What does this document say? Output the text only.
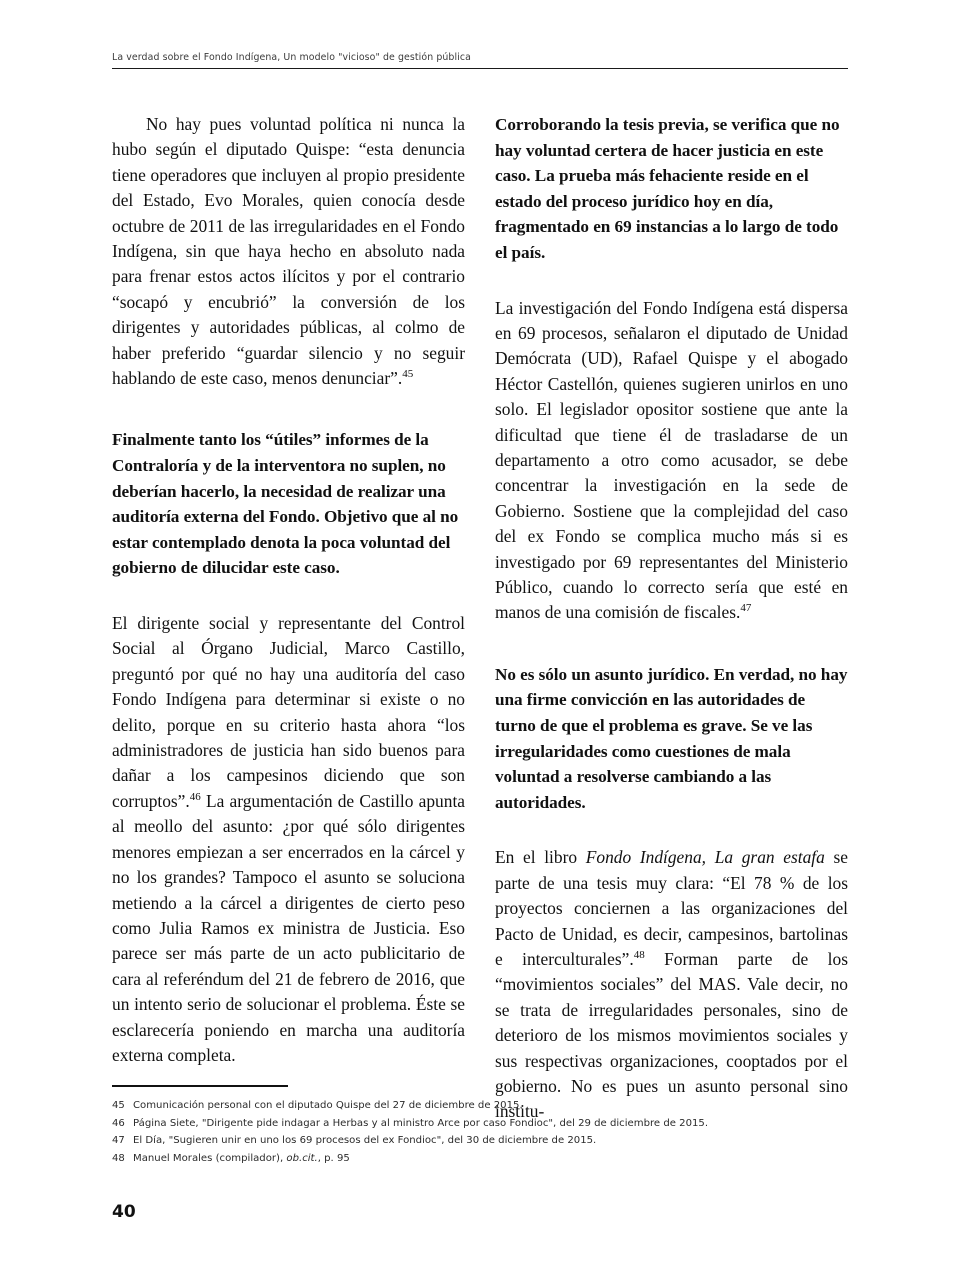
La verdad sobre el Fondo Indígena, Un modelo "vicioso" de gestión pública

No hay pues voluntad política ni nunca la hubo según el diputado Quispe: “esta denuncia tiene operadores que incluyen al propio presidente del Estado, Evo Morales, quien conocía desde octubre de 2011 de las irregularidades en el Fondo Indígena, sin que haya hecho en absoluto nada para frenar estos actos ilícitos y por el contrario “socapó y encubrió” la conversión de los dirigentes y autoridades públicas, al colmo de haber preferido “guardar silencio y no seguir hablando de este caso, menos denunciar”.$^{45}$

Finalmente tanto los “útiles” informes de la Contraloría y de la interventora no suplen, no deberían hacerlo, la necesidad de realizar una auditoría externa del Fondo. Objetivo que al no estar contemplado denota la poca voluntad del gobierno de dilucidar este caso.

El dirigente social y representante del Control Social al Órgano Judicial, Marco Castillo, preguntó por qué no hay una auditoría del caso Fondo Indígena para determinar si existe o no delito, porque en su criterio hasta ahora “los administradores de justicia han sido buenos para dañar a los campesinos diciendo que son corruptos”.$^{46}$ La argumentación de Castillo apunta al meollo del asunto: ¿por qué sólo dirigentes menores empiezan a ser encerrados en la cárcel y no los grandes? Tampoco el asunto se soluciona metiendo a la cárcel a dirigentes de cierto peso como Julia Ramos ex ministra de Justicia. Eso parece ser más parte de un acto publicitario de cara al referéndum del 21 de febrero de 2016, que un intento serio de solucionar el problema. Éste se esclarecería poniendo en marcha una auditoría externa completa.

Corroborando la tesis previa, se verifica que no hay voluntad certera de hacer justicia en este caso. La prueba más fehaciente reside en el estado del proceso jurídico hoy en día, fragmentado en 69 instancias a lo largo de todo el país.

La investigación del Fondo Indígena está dispersa en 69 procesos, señalaron el diputado de Unidad Demócrata (UD), Rafael Quispe y el abogado Héctor Castellón, quienes sugieren unirlos en uno solo. El legislador opositor sostiene que ante la dificultad que tiene él de trasladarse de un departamento a otro como acusador, se debe concentrar la investigación en la sede de Gobierno. Sostiene que la complejidad del caso del ex Fondo se complica mucho más si es investigado por 69 representantes del Ministerio Público, cuando lo correcto sería que esté en manos de una comisión de fiscales.$^{47}$

No es sólo un asunto jurídico. En verdad, no hay una firme convicción en las autoridades de turno de que el problema es grave. Se ve las irregularidades como cuestiones de mala voluntad a resolverse cambiando a las autoridades.

En el libro Fondo Indígena, La gran estafa se parte de una tesis muy clara: “El 78 % de los proyectos conciernen a las organizaciones del Pacto de Unidad, es decir, campesinos, bartolinas e interculturales”.$^{48}$ Forman parte de los “movimientos sociales” del MAS. Vale decir, no se trata de irregularidades personales, sino de deterioro de los mismos movimientos sociales y sus respectivas organizaciones, cooptados por el gobierno. No es pues un asunto personal sino institu-

45 Comunicación personal con el diputado Quispe del 27 de diciembre de 2015.
46 Página Siete, "Dirigente pide indagar a Herbas y al ministro Arce por caso Fondioc", del 29 de diciembre de 2015.
47 El Día, "Sugieren unir en uno los 69 procesos del ex Fondioc", del 30 de diciembre de 2015.
48 Manuel Morales (compilador), ob.cit., p. 95
40
